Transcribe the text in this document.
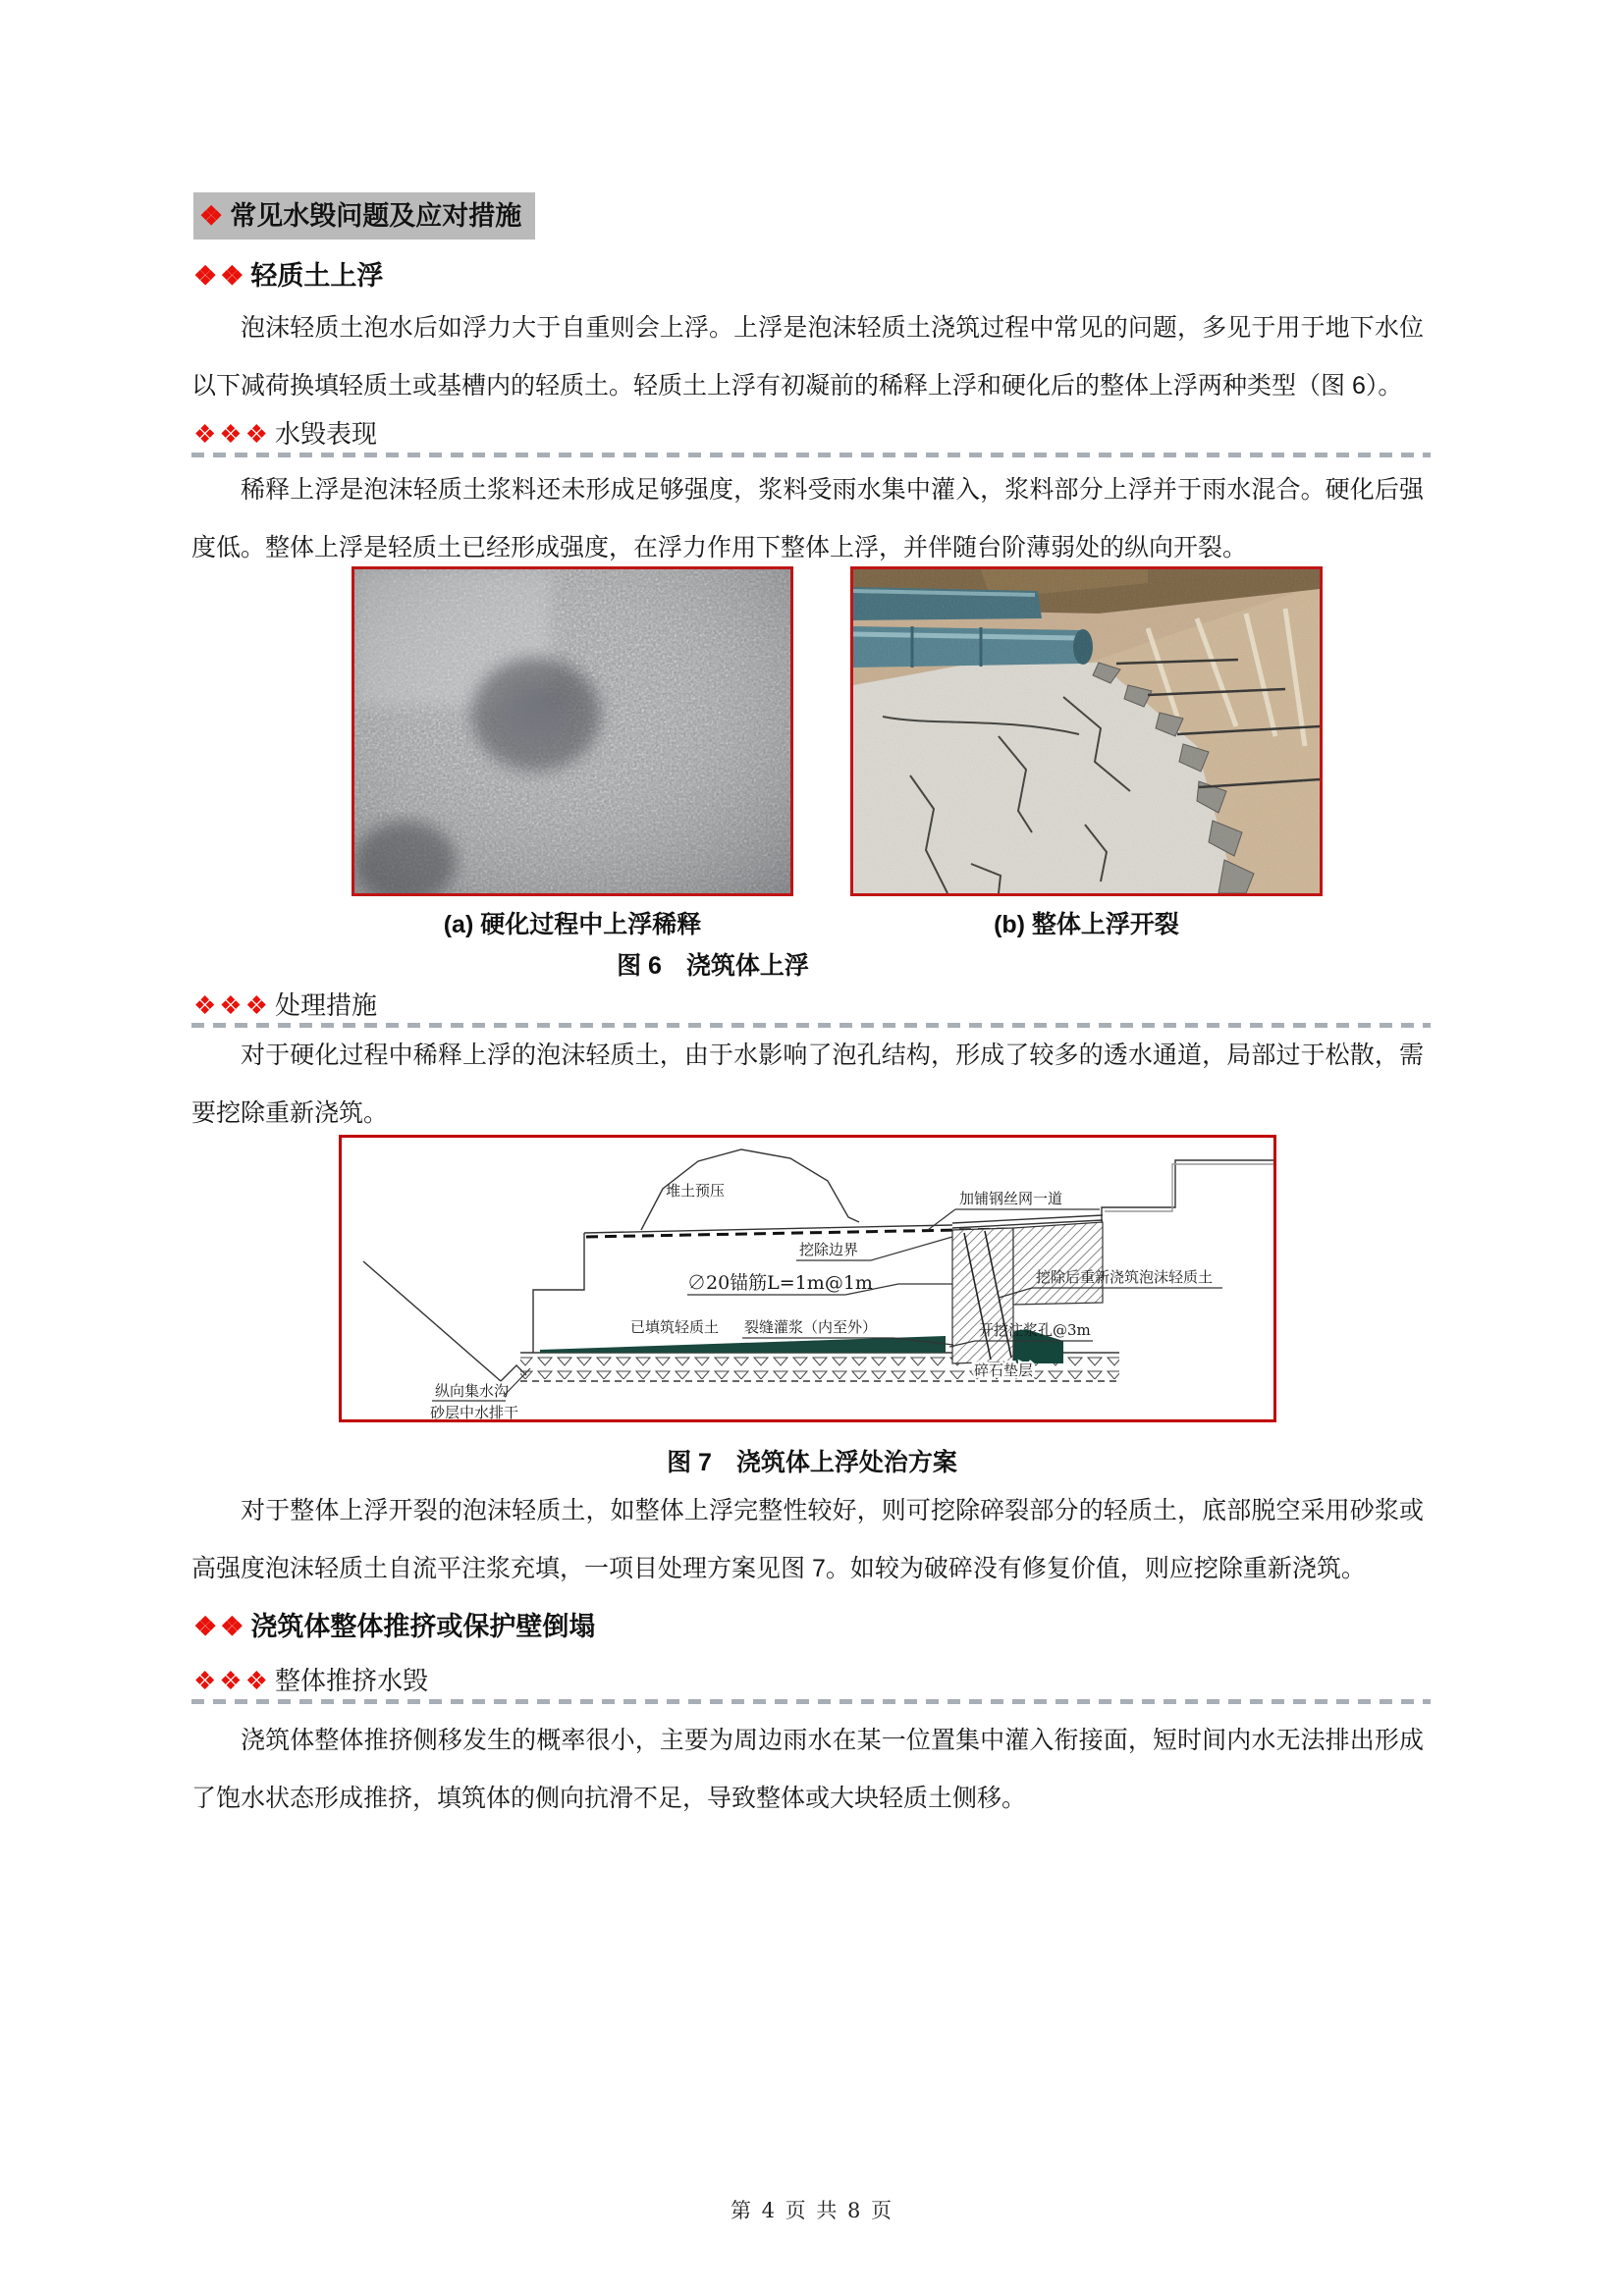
❖ 常见水毁问题及应对措施
❖❖ 轻质土上浮
泡沫轻质土泡水后如浮力大于自重则会上浮。上浮是泡沫轻质土浇筑过程中常见的问题，多见于用于地下水位以下减荷换填轻质土或基槽内的轻质土。轻质土上浮有初凝前的稀释上浮和硬化后的整体上浮两种类型（图 6）。
❖❖❖ 水毁表现
稀释上浮是泡沫轻质土浆料还未形成足够强度，浆料受雨水集中灌入，浆料部分上浮并于雨水混合。硬化后强度低。整体上浮是轻质土已经形成强度，在浮力作用下整体上浮，并伴随台阶薄弱处的纵向开裂。
(a) 硬化过程中上浮稀释	(b) 整体上浮开裂
图 6　浇筑体上浮
❖❖❖ 处理措施
对于硬化过程中稀释上浮的泡沫轻质土，由于水影响了泡孔结构，形成了较多的透水通道，局部过于松散，需要挖除重新浇筑。
堆土预压	加铺钢丝网一道
挖除边界
∅20锚筋L=1m@1m
已填筑轻质土 裂缝灌浆（内至外）
挖除后重新浇筑泡沫轻质土
开挖注浆孔@3m
碎石垫层
纵向集水沟
砂层中水排干
图 7　浇筑体上浮处治方案
对于整体上浮开裂的泡沫轻质土，如整体上浮完整性较好，则可挖除碎裂部分的轻质土，底部脱空采用砂浆或高强度泡沫轻质土自流平注浆充填，一项目处理方案见图 7。如较为破碎没有修复价值，则应挖除重新浇筑。
❖❖ 浇筑体整体推挤或保护壁倒塌
❖❖❖ 整体推挤水毁
浇筑体整体推挤侧移发生的概率很小，主要为周边雨水在某一位置集中灌入衔接面，短时间内水无法排出形成了饱水状态形成推挤，填筑体的侧向抗滑不足，导致整体或大块轻质土侧移。
第 4 页 共 8 页
